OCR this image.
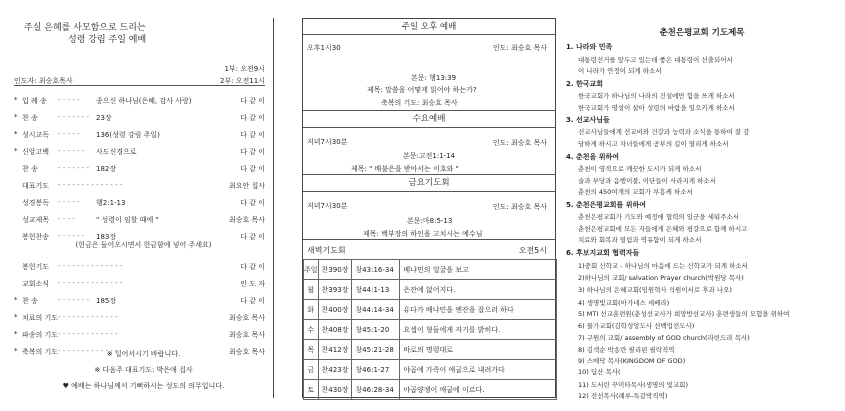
주실 은혜를 사모함으로 드리는
성령 강림 주일 예배
1부: 오전9시
인도자: 최승호목사	2부: 오전11시
* 입 례 송 - - - - - 종으신 하나님(은혜, 감사 사랑)	다 같 이
* 찬 송	- - - - - - - 23장	다 같 이
* 성시교독 - - - - - 136(성령 강림 주일)	다 같 이
* 신앙고백 - - - - - - 사도신경으로	다 같 이
찬 송	- - - - - - - 182장	다 같 이
대표기도 - - - - - - - - - - - - - -	최요안 집사
성경봉독 - - - - - 행2:1-13	다 같 이
성교제목 - - - -	" 성령이 임할 때에 "	최승호 목사
봉헌찬송 - - - - - - 183장	다 같 이
(헌금은 들어오시면서 헌금함에 넣어 주세요)
봉헌기도 - - - - - - - - - - - - - -	다 같 이
교회소식 - - - - - - - - - - - - - -	인 도 자
* 찬 송	- - - - - - - 185장	다 같 이
* 치료의 기도 - - - - - - - - - - - - -	최승호 목사
* 파송의 기도 - - - - - - - - - - - - -	최승호 목사
* 축복의 기도 - - - - - - - - - - - - -	최승호 목사
※ 일어서시기 바랍니다.
※ 다음주 대표기도: 박은애 집사
♥ 예배는 하나님께서 기뻐하시는 성도의 의무입니다.
주일 오후 예배
오후1시30	인도: 최승호 목사
본문: 행13:39
제목: 말씀을 어떻게 읽어야 하는가?
축복의 기도: 최승호 목사
수요예배
저녁7시30분	인도: 최승호 목사
본문:고전1:1-14
제목: " 배불은을 받아서는 이호와 "
금요기도회
저녁7시30분	인도: 최승호 목사
본문:마8:5-13
제목: 백부장의 하인을 고치시는 예수님
새벽기도회	오전5시
주일	찬390장	창43:16-34	베냐민의 얼굴을 보고
월	찬393장	창44:1-13	은잔에 없어지다.
화	찬400장	창44:14-34	유다가 베냐민을 엔잔을 잡으러 하다
수	찬408장	창45:1-20	요셉이 형들에게 자기를 밝히다.
목	찬412장	창45:21-28	바로의 명령대로
금	찬423장	창46:1-27	야곱에 가족이 애굽으로 내려가다
토	찬430장	창46:28-34	야곱양쟁이 애굽에 이르다.
춘천은평교회 기도제목
1. 나라와 민족
대통령선거를 앞두고 있는데 좋은 대통령이 선출되어서
이 나라가 안정이 되게 하소서
2. 한국교회
한국교회가 하나님의 나라의 건설에만 힘을 쓰게 하소서
한국교회가 영성이 살아 성령의 바람을 일으키게 하소서
3. 선교사님들
선교사님들에게 선교비와 건강과 능력과 소식을 통하여 잘 감
당하게 하시고 자녀들에게 공부의 길이 열리게 하소서
4. 춘천을 위하여
춘천이 영적으로 깨끗한 도시가 되게 하소서
술과 부당과 음행이불, 이단들이 사라지게 하소서
춘천의 450여개의 교회가 부흥케 하소서
5. 춘천은평교회를 위하여
춘천은평교회가 기도와 예정에 협력의 일군을 세워주소서
춘천은평교회에 모든 자들에게 은혜와 평강으로 함께 하시고
치료와 회복과 열림과 역유함이 되게 하소서
6. 후보지교회 협력자들
1)중회 신학교 - 하나님의 마음에 드는 신학교가 되게 하소서
2)하나님의 교회/ salvation Prayer church(박원당 목사)
3) 하나님의 은혜교회(임원혁사 석원이서로 후과 나오)
4) 생명빛교회(아가네스 세베라)
5) MTI 선교훈련원(춘성선교사가 희망방선교사) 훈련생들의 모험을 위하여
6) 물가교회(김학성앙도사 선백업전도사)
7) 구원의 교회/ assembly of GOD church(라빈드라 목사)
8) 김색순 박송란 필리핀 필락직역
9) 스메닥 목사(KINGDOM OF GOD)
10) 딥산 목사(
11) 도서린 꾸미타목사(생명의 빛교회)
12) 전선목사(례루-특갈박직역)
